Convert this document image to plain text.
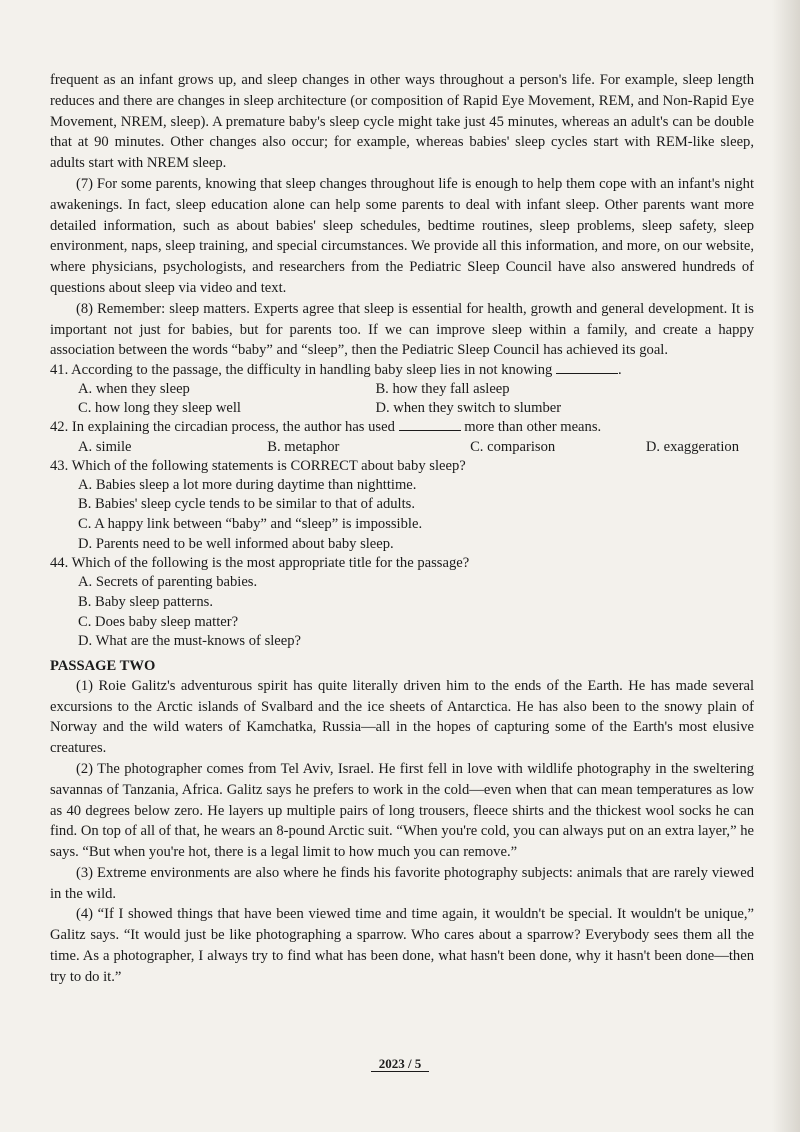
frequent as an infant grows up, and sleep changes in other ways throughout a person's life. For example, sleep length reduces and there are changes in sleep architecture (or composition of Rapid Eye Movement, REM, and Non-Rapid Eye Movement, NREM, sleep). A premature baby's sleep cycle might take just 45 minutes, whereas an adult's can be double that at 90 minutes. Other changes also occur; for example, whereas babies' sleep cycles start with REM-like sleep, adults start with NREM sleep.

(7) For some parents, knowing that sleep changes throughout life is enough to help them cope with an infant's night awakenings. In fact, sleep education alone can help some parents to deal with infant sleep. Other parents want more detailed information, such as about babies' sleep schedules, bedtime routines, sleep problems, sleep safety, sleep environment, naps, sleep training, and special circumstances. We provide all this information, and more, on our website, where physicians, psychologists, and researchers from the Pediatric Sleep Council have also answered hundreds of questions about sleep via video and text.

(8) Remember: sleep matters. Experts agree that sleep is essential for health, growth and general development. It is important not just for babies, but for parents too. If we can improve sleep within a family, and create a happy association between the words “baby” and “sleep”, then the Pediatric Sleep Council has achieved its goal.

41. According to the passage, the difficulty in handling baby sleep lies in not knowing	.

A. when they sleep	B. how they fall asleep
C. how long they sleep well	D. when they switch to slumber

42. In explaining the circadian process, the author has used	more than other means.

A. simile	B. metaphor	C. comparison	D. exaggeration

43. Which of the following statements is CORRECT about baby sleep?

A. Babies sleep a lot more during daytime than nighttime.
B. Babies' sleep cycle tends to be similar to that of adults.
C. A happy link between “baby” and “sleep” is impossible.
D. Parents need to be well informed about baby sleep.

44. Which of the following is the most appropriate title for the passage?

A. Secrets of parenting babies.
B. Baby sleep patterns.
C. Does baby sleep matter?
D. What are the must-knows of sleep?
PASSAGE TWO

(1) Roie Galitz's adventurous spirit has quite literally driven him to the ends of the Earth. He has made several excursions to the Arctic islands of Svalbard and the ice sheets of Antarctica. He has also been to the snowy plain of Norway and the wild waters of Kamchatka, Russia—all in the hopes of capturing some of the Earth's most elusive creatures.

(2) The photographer comes from Tel Aviv, Israel. He first fell in love with wildlife photography in the sweltering savannas of Tanzania, Africa. Galitz says he prefers to work in the cold—even when that can mean temperatures as low as 40 degrees below zero. He layers up multiple pairs of long trousers, fleece shirts and the thickest wool socks he can find. On top of all of that, he wears an 8-pound Arctic suit. “When you're cold, you can always put on an extra layer,” he says. “But when you're hot, there is a legal limit to how much you can remove.”

(3) Extreme environments are also where he finds his favorite photography subjects: animals that are rarely viewed in the wild.

(4) “If I showed things that have been viewed time and time again, it wouldn't be special. It wouldn't be unique,” Galitz says. “It would just be like photographing a sparrow. Who cares about a sparrow? Everybody sees them all the time. As a photographer, I always try to find what has been done, what hasn't been done, why it hasn't been done—then try to do it.”

2023 / 5
